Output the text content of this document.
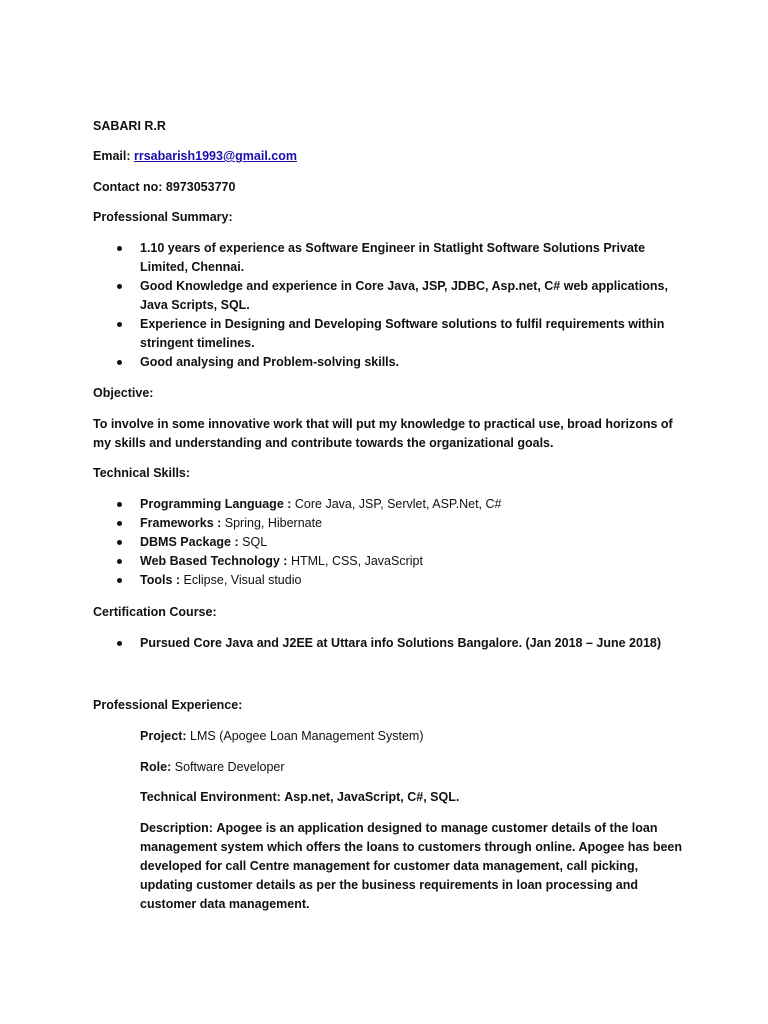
SABARI R.R

Email: rrsabarish1993@gmail.com

Contact no: 8973053770

Professional Summary:

1.10 years of experience as Software Engineer in Statlight Software Solutions Private Limited, Chennai.
Good Knowledge and experience in Core Java, JSP, JDBC, Asp.net, C# web applications, Java Scripts, SQL.
Experience in Designing and Developing Software solutions to fulfil requirements within stringent timelines.
Good analysing and Problem-solving skills.

Objective:

To involve in some innovative work that will put my knowledge to practical use, broad horizons of my skills and understanding and contribute towards the organizational goals.

Technical Skills:

Programming Language : Core Java, JSP, Servlet, ASP.Net, C#
Frameworks : Spring, Hibernate
DBMS Package : SQL
Web Based Technology : HTML, CSS, JavaScript
Tools : Eclipse, Visual studio

Certification Course:

Pursued Core Java and J2EE at Uttara info Solutions Bangalore. (Jan 2018 – June 2018)

Professional Experience:

Project: LMS (Apogee Loan Management System)

Role: Software Developer

Technical Environment: Asp.net, JavaScript, C#, SQL.

Description: Apogee is an application designed to manage customer details of the loan management system which offers the loans to customers through online. Apogee has been developed for call Centre management for customer data management, call picking, updating customer details as per the business requirements in loan processing and customer data management.
